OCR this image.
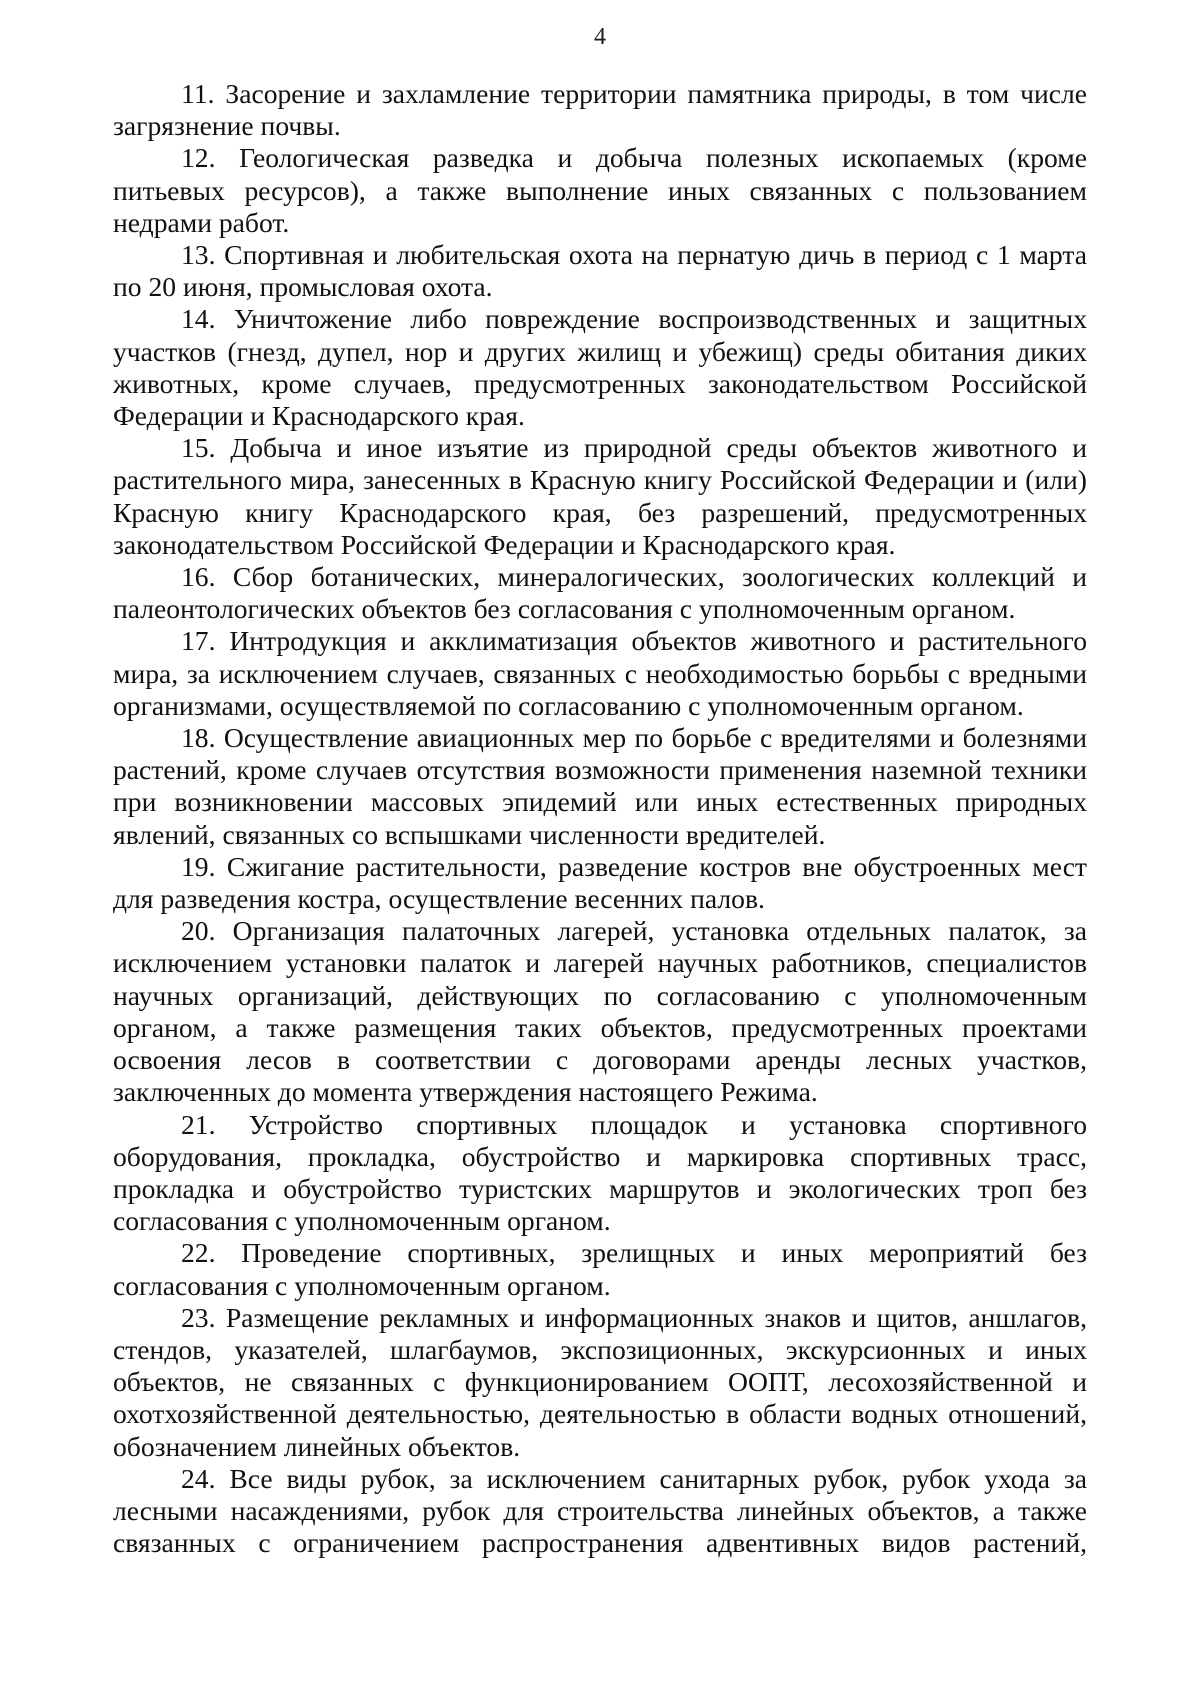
4

11. Засорение и захламление территории памятника природы, в том числе загрязнение почвы.

12. Геологическая разведка и добыча полезных ископаемых (кроме питьевых ресурсов), а также выполнение иных связанных с пользованием недрами работ.

13. Спортивная и любительская охота на пернатую дичь в период с 1 марта по 20 июня, промысловая охота.

14. Уничтожение либо повреждение воспроизводственных и защитных участков (гнезд, дупел, нор и других жилищ и убежищ) среды обитания диких животных, кроме случаев, предусмотренных законодательством Российской Федерации и Краснодарского края.

15. Добыча и иное изъятие из природной среды объектов животного и растительного мира, занесенных в Красную книгу Российской Федерации и (или) Красную книгу Краснодарского края, без разрешений, предусмотренных законодательством Российской Федерации и Краснодарского края.

16. Сбор ботанических, минералогических, зоологических коллекций и палеонтологических объектов без согласования с уполномоченным органом.

17. Интродукция и акклиматизация объектов животного и растительного мира, за исключением случаев, связанных с необходимостью борьбы с вредными организмами, осуществляемой по согласованию с уполномоченным органом.

18. Осуществление авиационных мер по борьбе с вредителями и болезнями растений, кроме случаев отсутствия возможности применения наземной техники при возникновении массовых эпидемий или иных естественных природных явлений, связанных со вспышками численности вредителей.

19. Сжигание растительности, разведение костров вне обустроенных мест для разведения костра, осуществление весенних палов.

20. Организация палаточных лагерей, установка отдельных палаток, за исключением установки палаток и лагерей научных работников, специалистов научных организаций, действующих по согласованию с уполномоченным органом, а также размещения таких объектов, предусмотренных проектами освоения лесов в соответствии с договорами аренды лесных участков, заключенных до момента утверждения настоящего Режима.

21. Устройство спортивных площадок и установка спортивного оборудования, прокладка, обустройство и маркировка спортивных трасс, прокладка и обустройство туристских маршрутов и экологических троп без согласования с уполномоченным органом.

22. Проведение спортивных, зрелищных и иных мероприятий без согласования с уполномоченным органом.

23. Размещение рекламных и информационных знаков и щитов, аншлагов, стендов, указателей, шлагбаумов, экспозиционных, экскурсионных и иных объектов, не связанных с функционированием ООПТ, лесохозяйственной и охотхозяйственной деятельностью, деятельностью в области водных отношений, обозначением линейных объектов.

24. Все виды рубок, за исключением санитарных рубок, рубок ухода за лесными насаждениями, рубок для строительства линейных объектов, а также связанных с ограничением распространения адвентивных видов растений,
